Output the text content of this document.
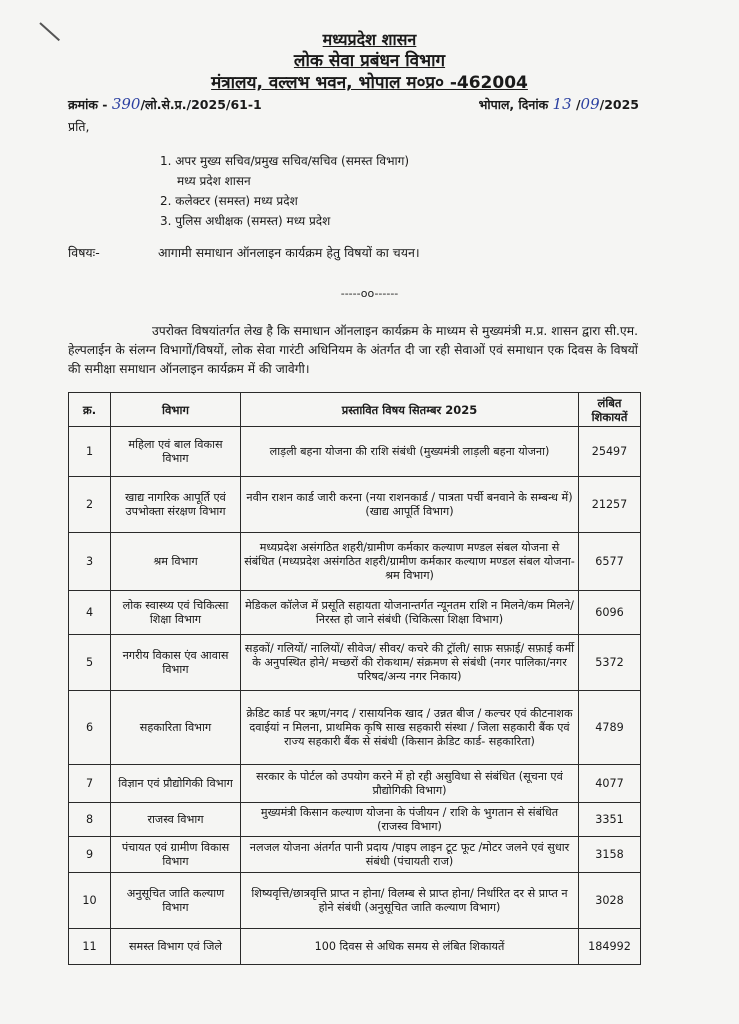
मध्यप्रदेश शासन
लोक सेवा प्रबंधन विभाग
मंत्रालय, वल्लभ भवन, भोपाल म०प्र० -462004
क्रमांक - 390/लो.से.प्र./2025/61-1	भोपाल, दिनांक 13 /09/2025
प्रति,
1. अपर मुख्य सचिव/प्रमुख सचिव/सचिव (समस्त विभाग)
मध्य प्रदेश शासन
2. कलेक्टर (समस्त) मध्य प्रदेश
3. पुलिस अधीक्षक (समस्त) मध्य प्रदेश
विषयः-	आगामी समाधान ऑनलाइन कार्यक्रम हेतु विषयों का चयन।
-----oo------
उपरोक्त विषयांतर्गत लेख है कि समाधान ऑनलाइन कार्यक्रम के माध्यम से मुख्यमंत्री म.प्र. शासन द्वारा सी.एम. हेल्पलाईन के संलग्न विभागों/विषयों, लोक सेवा गारंटी अधिनियम के अंतर्गत दी जा रही सेवाओं एवं समाधान एक दिवस के विषयों की समीक्षा समाधान ऑनलाइन कार्यक्रम में की जावेगी।
क्र.	विभाग	प्रस्तावित विषय सितम्बर 2025	लंबित शिकायतें
1	महिला एवं बाल विकास विभाग	लाड़ली बहना योजना की राशि संबंधी (मुख्यमंत्री लाड़ली बहना योजना)	25497
2	खाद्य नागरिक आपूर्ति एवं उपभोक्ता संरक्षण विभाग	नवीन राशन कार्ड जारी करना (नया राशनकार्ड / पात्रता पर्ची बनवाने के सम्बन्ध में) (खाद्य आपूर्ति विभाग)	21257
3	श्रम विभाग	मध्यप्रदेश असंगठित शहरी/ग्रामीण कर्मकार कल्याण मण्डल संबल योजना से संबंधित (मध्यप्रदेश असंगठित शहरी/ग्रामीण कर्मकार कल्याण मण्डल संबल योजना- श्रम विभाग)	6577
4	लोक स्वास्थ्य एवं चिकित्सा शिक्षा विभाग	मेडिकल कॉलेज में प्रसूति सहायता योजनान्तर्गत न्यूनतम राशि न मिलने/कम मिलने/ निरस्त हो जाने संबंधी (चिकित्सा शिक्षा विभाग)	6096
5	नगरीय विकास एंव आवास विभाग	सड़कों/ गलियों/ नालियों/ सीवेज/ सीवर/ कचरे की ट्रॉली/ साफ़ सफ़ाई/ सफ़ाई कर्मी के अनुपस्थित होने/ मच्छरों की रोकथाम/ संक्रमण से संबंधी (नगर पालिका/नगर परिषद/अन्य नगर निकाय)	5372
6	सहकारिता विभाग	क्रेडिट कार्ड पर ऋण/नगद / रासायनिक खाद / उन्नत बीज / कल्चर एवं कीटनाशक दवाईयां न मिलना, प्राथमिक कृषि साख सहकारी संस्था / जिला सहकारी बैंक एवं राज्य सहकारी बैंक से संबंधी (किसान क्रेडिट कार्ड- सहकारिता)	4789
7	विज्ञान एवं प्रौद्योगिकी विभाग	सरकार के पोर्टल को उपयोग करने में हो रही असुविधा से संबंधित (सूचना एवं प्रौद्योगिकी विभाग)	4077
8	राजस्व विभाग	मुख्यमंत्री किसान कल्याण योजना के पंजीयन / राशि के भुगतान से संबंधित (राजस्व विभाग)	3351
9	पंचायत एवं ग्रामीण विकास विभाग	नलजल योजना अंतर्गत पानी प्रदाय /पाइप लाइन टूट फूट /मोटर जलने एवं सुधार संबंधी (पंचायती राज)	3158
10	अनुसूचित जाति कल्याण विभाग	शिष्यवृत्ति/छात्रवृत्ति प्राप्त न होना/ विलम्ब से प्राप्त होना/ निर्धारित दर से प्राप्त न होने संबंधी (अनुसूचित जाति कल्याण विभाग)	3028
11	समस्त विभाग एवं जिले	100 दिवस से अधिक समय से लंबित शिकायतें	184992
